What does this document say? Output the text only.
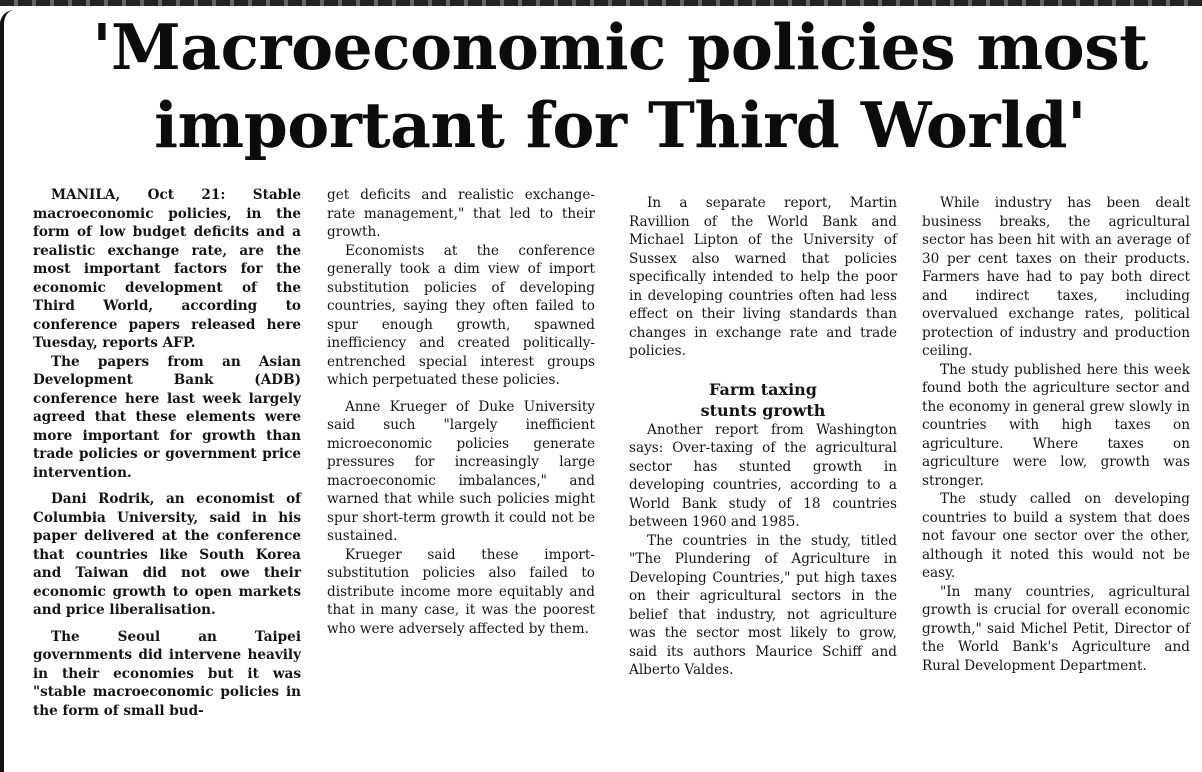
'Macroeconomic policies most
important for Third World'

MANILA, Oct 21: Stable macroeconomic policies, in the form of low budget deficits and a realistic exchange rate, are the most important factors for the economic development of the Third World, according to conference papers released here Tuesday, reports AFP.

The papers from an Asian Development Bank (ADB) conference here last week largely agreed that these elements were more important for growth than trade policies or government price intervention.

Dani Rodrik, an economist of Columbia University, said in his paper delivered at the conference that countries like South Korea and Taiwan did not owe their economic growth to open markets and price liberalisation.

The Seoul an Taipei governments did intervene heavily in their economies but it was "stable macroeconomic policies in the form of small bud-

get deficits and realistic exchange-rate management," that led to their growth.

Economists at the conference generally took a dim view of import substitution policies of developing countries, saying they often failed to spur enough growth, spawned inefficiency and created politically-entrenched special interest groups which perpetuated these policies.

Anne Krueger of Duke University said such "largely inefficient microeconomic policies generate pressures for increasingly large macroeconomic imbalances," and warned that while such policies might spur short-term growth it could not be sustained.

Krueger said these import-substitution policies also failed to distribute income more equitably and that in many case, it was the poorest who were adversely affected by them.

In a separate report, Martin Ravillion of the World Bank and Michael Lipton of the University of Sussex also warned that policies specifically intended to help the poor in developing countries often had less effect on their living standards than changes in exchange rate and trade policies.

Farm taxing
stunts growth

Another report from Washington says: Over-taxing of the agricultural sector has stunted growth in developing countries, according to a World Bank study of 18 countries between 1960 and 1985.

The countries in the study, titled "The Plundering of Agriculture in Developing Countries," put high taxes on their agricultural sectors in the belief that industry, not agriculture was the sector most likely to grow, said its authors Maurice Schiff and Alberto Valdes.

While industry has been dealt business breaks, the agricultural sector has been hit with an average of 30 per cent taxes on their products. Farmers have had to pay both direct and indirect taxes, including overvalued exchange rates, political protection of industry and production ceiling.

The study published here this week found both the agriculture sector and the economy in general grew slowly in countries with high taxes on agriculture. Where taxes on agriculture were low, growth was stronger.

The study called on developing countries to build a system that does not favour one sector over the other, although it noted this would not be easy.

"In many countries, agricultural growth is crucial for overall economic growth," said Michel Petit, Director of the World Bank's Agriculture and Rural Development Department.
